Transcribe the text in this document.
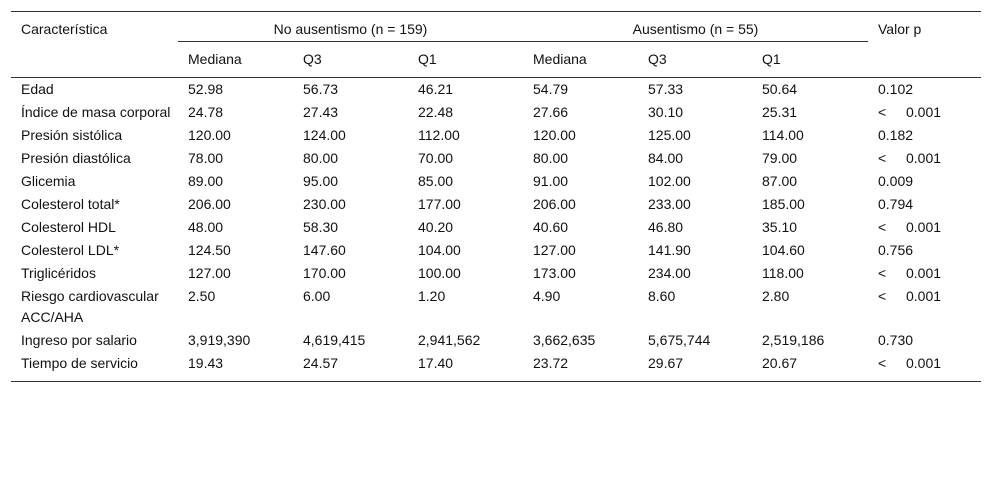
Característica	No ausentismo (n = 159)			Ausentismo (n = 55)			Valor p
	Mediana	Q3	Q1	Mediana	Q3	Q1	
Edad	52.98	56.73	46.21	54.79	57.33	50.64	0.102
Índice de masa corporal	24.78	27.43	22.48	27.66	30.10	25.31	< 0.001
Presión sistólica	120.00	124.00	112.00	120.00	125.00	114.00	0.182
Presión diastólica	78.00	80.00	70.00	80.00	84.00	79.00	< 0.001
Glicemia	89.00	95.00	85.00	91.00	102.00	87.00	0.009
Colesterol total*	206.00	230.00	177.00	206.00	233.00	185.00	0.794
Colesterol HDL	48.00	58.30	40.20	40.60	46.80	35.10	< 0.001
Colesterol LDL*	124.50	147.60	104.00	127.00	141.90	104.60	0.756
Triglicéridos	127.00	170.00	100.00	173.00	234.00	118.00	< 0.001
Riesgo cardiovascular ACC/AHA	2.50	6.00	1.20	4.90	8.60	2.80	< 0.001
Ingreso por salario	3,919,390	4,619,415	2,941,562	3,662,635	5,675,744	2,519,186	0.730
Tiempo de servicio	19.43	24.57	17.40	23.72	29.67	20.67	< 0.001
